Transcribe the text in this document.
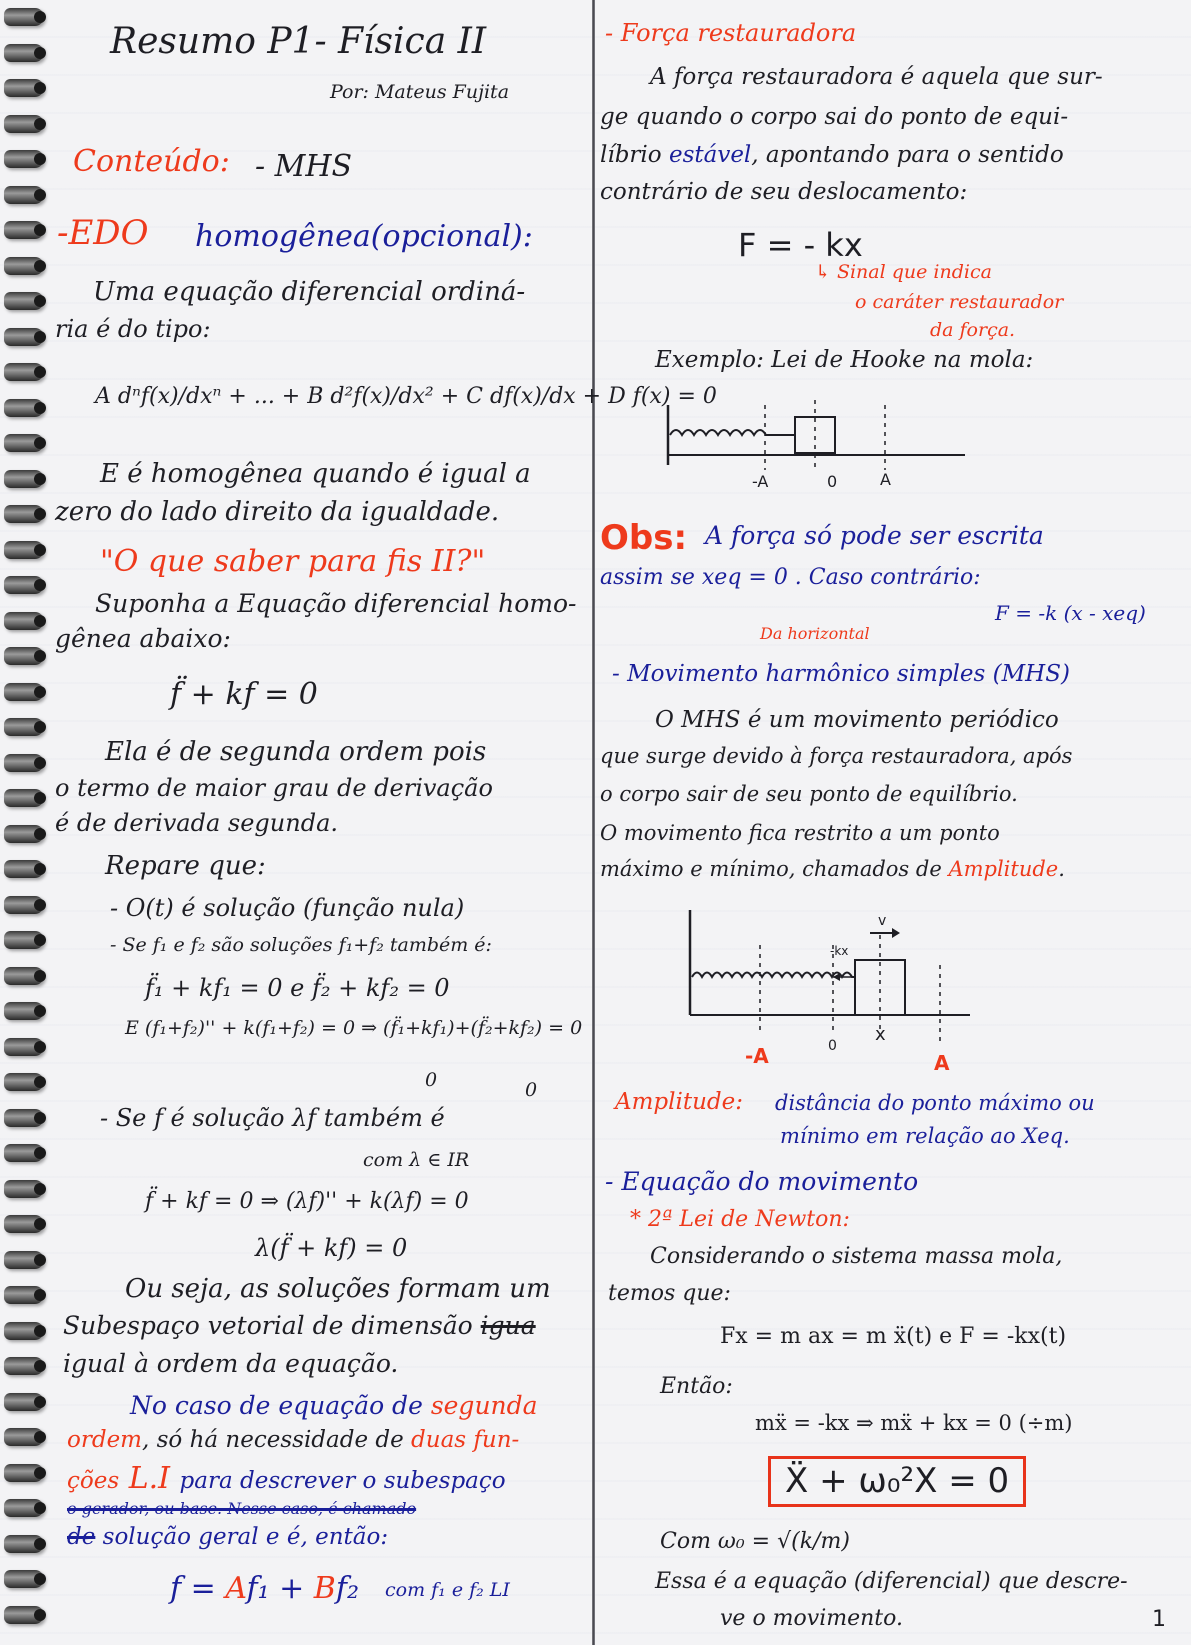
Resumo P1- Física II
Por: Mateus Fujita
Conteúdo: - MHS
-EDO homogênea(opcional):
Uma equação diferencial ordiná-
ria é do tipo:
A dⁿf(x)/dxⁿ + ... + B d²f(x)/dx² + C df(x)/dx + D f(x) = 0
E é homogênea quando é igual a
zero do lado direito da igualdade.
"O que saber para fis II?"
Suponha a Equação diferencial homo-
gênea abaixo:
f̈ + kf = 0
Ela é de segunda ordem pois
o termo de maior grau de derivação
é de derivada segunda.
Repare que:
- O(t) é solução (função nula)
- Se f₁ e f₂ são soluções f₁+f₂ também é:
f̈₁ + kf₁ = 0 e f̈₂ + kf₂ = 0
E (f₁+f₂)'' + k(f₁+f₂) = 0 ⇒ (f̈₁+kf₁)+(f̈₂+kf₂) = 0
0	0
- Se f é solução λf também é
com λ ∈ IR
f̈ + kf = 0 ⇒ (λf)'' + k(λf) = 0
λ(f̈ + kf) = 0
Ou seja, as soluções formam um
Subespaço vetorial de dimensão igua
igual à ordem da equação.
No caso de equação de segunda
ordem, só há necessidade de duas fun-
ções L.I para descrever o subespaço
o gerador, ou base. Nesse caso, é chamado
de solução geral e é, então:
f = Af₁ + Bf₂ com f₁ e f₂ LI
- Força restauradora
A força restauradora é aquela que sur-
ge quando o corpo sai do ponto de equi-
líbrio estável, apontando para o sentido
contrário de seu deslocamento:
F = - kx
↳ Sinal que indica
o caráter restaurador
da força.
Exemplo: Lei de Hooke na mola:
-A	0	A
Obs: A força só pode ser escrita
assim se xeq = 0 . Caso contrário:
F = -k (x - xeq)
Da horizontal
- Movimento harmônico simples (MHS)
O MHS é um movimento periódico
que surge devido à força restauradora, após
o corpo sair de seu ponto de equilíbrio.
O movimento fica restrito a um ponto
máximo e mínimo, chamados de Amplitude.
-A	0
x
A
-kx
v
Amplitude: distância do ponto máximo ou
mínimo em relação ao Xeq.
- Equação do movimento
* 2ª Lei de Newton:
Considerando o sistema massa mola,
temos que:
Fx = m ax = m ẍ(t) e F = -kx(t)
Então:
mẍ = -kx ⇒ mẍ + kx = 0 (÷m)
Ẍ + ω₀²X = 0
Com ω₀ = √(k/m)
Essa é a equação (diferencial) que descre-
ve o movimento.	1
